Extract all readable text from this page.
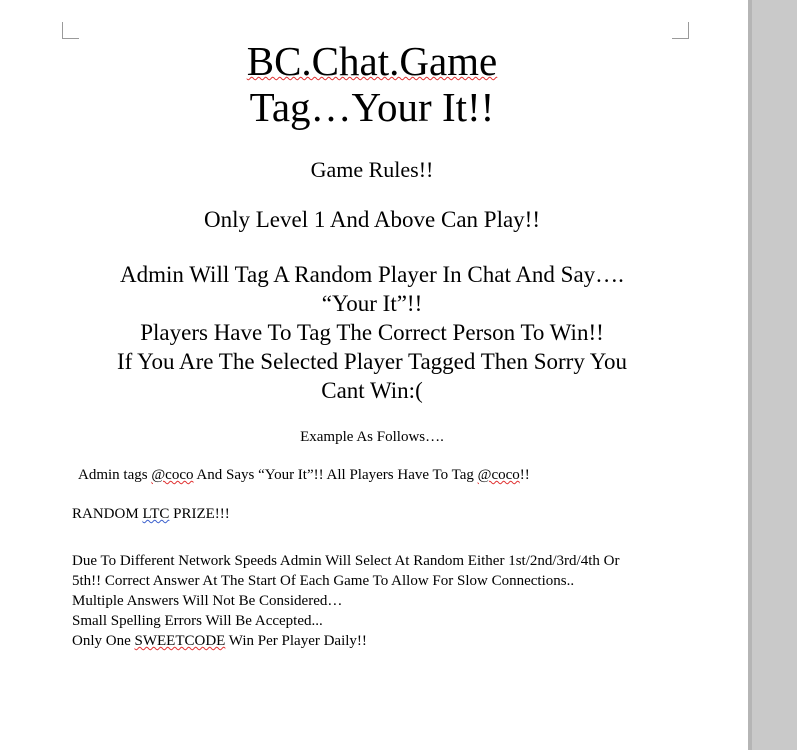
BC.Chat.Game
Tag…Your It!!
Game Rules!!
Only Level 1 And Above Can Play!!
Admin Will Tag A Random Player In Chat And Say….
“Your It”!!
Players Have To Tag The Correct Person To Win!!
If You Are The Selected Player Tagged Then Sorry You
Cant Win:(
Example As Follows….
Admin tags @coco And Says “Your It”!! All Players Have To Tag @coco!!
RANDOM LTC PRIZE!!!
Due To Different Network Speeds Admin Will Select At Random Either 1st/2nd/3rd/4th Or
5th!! Correct Answer At The Start Of Each Game To Allow For Slow Connections..
Multiple Answers Will Not Be Considered…
Small Spelling Errors Will Be Accepted...
Only One SWEETCODE Win Per Player Daily!!
